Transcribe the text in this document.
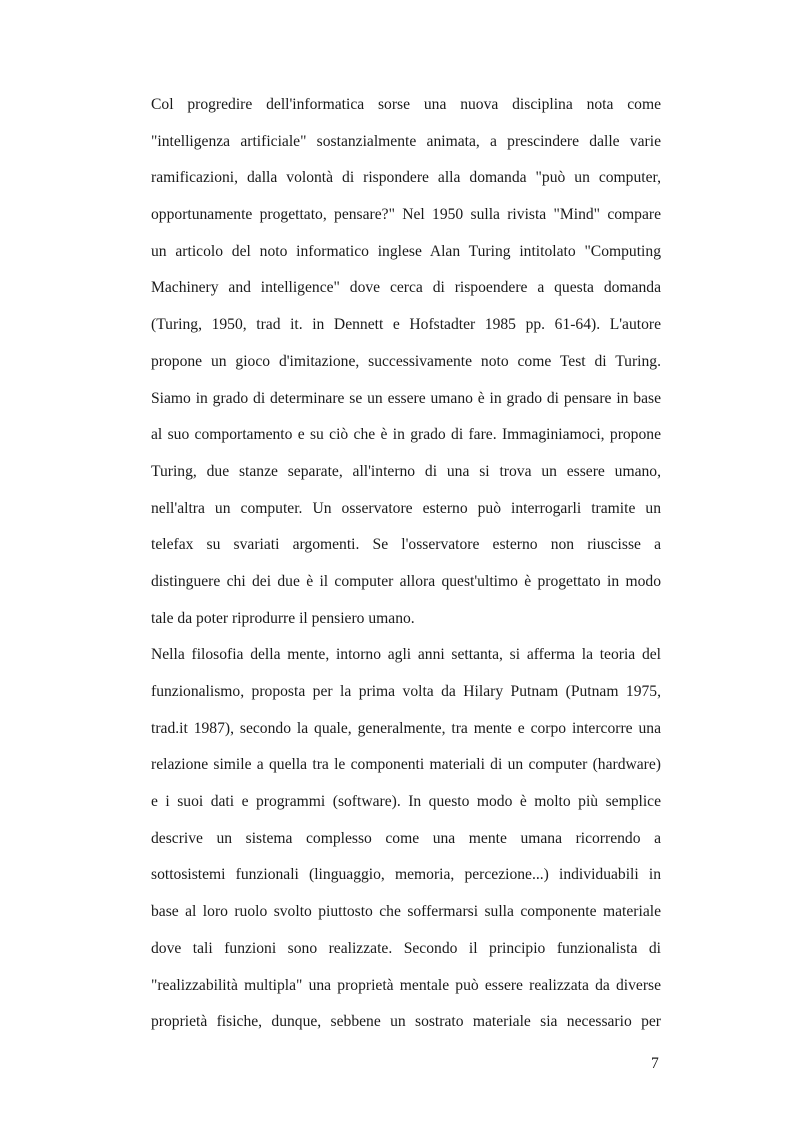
Col progredire dell'informatica sorse una nuova disciplina nota come
"intelligenza artificiale" sostanzialmente animata, a prescindere dalle varie
ramificazioni, dalla volontà di rispondere alla domanda "può un computer,
opportunamente progettato, pensare?" Nel 1950 sulla rivista "Mind" compare
un articolo del noto informatico inglese Alan Turing intitolato "Computing
Machinery and intelligence" dove cerca di rispoendere a questa domanda
(Turing, 1950, trad it. in Dennett e Hofstadter 1985 pp. 61-64). L'autore
propone un gioco d'imitazione, successivamente noto come Test di Turing.
Siamo in grado di determinare se un essere umano è in grado di pensare in base
al suo comportamento e su ciò che è in grado di fare. Immaginiamoci, propone
Turing, due stanze separate, all'interno di una si trova un essere umano,
nell'altra un computer. Un osservatore esterno può interrogarli tramite un
telefax su svariati argomenti. Se l'osservatore esterno non riuscisse a
distinguere chi dei due è il computer allora quest'ultimo è progettato in modo
tale da poter riprodurre il pensiero umano.
Nella filosofia della mente, intorno agli anni settanta, si afferma la teoria del
funzionalismo, proposta per la prima volta da Hilary Putnam (Putnam 1975,
trad.it 1987), secondo la quale, generalmente, tra mente e corpo intercorre una
relazione simile a quella tra le componenti materiali di un computer (hardware)
e i suoi dati e programmi (software). In questo modo è molto più semplice
descrive un sistema complesso come una mente umana ricorrendo a
sottosistemi funzionali (linguaggio, memoria, percezione...) individuabili in
base al loro ruolo svolto piuttosto che soffermarsi sulla componente materiale
dove tali funzioni sono realizzate. Secondo il principio funzionalista di
"realizzabilità multipla" una proprietà mentale può essere realizzata da diverse
proprietà fisiche, dunque, sebbene un sostrato materiale sia necessario per
7
